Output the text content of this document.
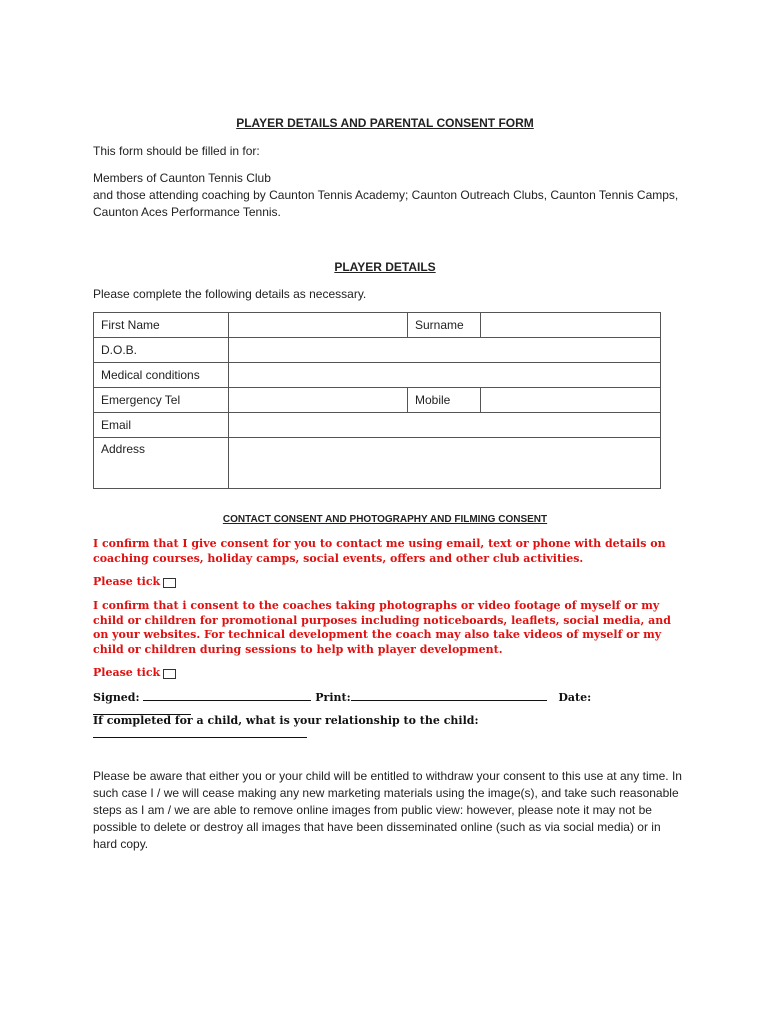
PLAYER DETAILS AND PARENTAL CONSENT FORM
This form should be filled in for:
Members of Caunton Tennis Club
and those attending coaching by Caunton Tennis Academy; Caunton Outreach Clubs, Caunton Tennis Camps, Caunton Aces Performance Tennis.
PLAYER DETAILS
Please complete the following details as necessary.
First Name		Surname	
D.O.B.			
Medical conditions			
Emergency Tel		Mobile	
Email			
Address			
CONTACT CONSENT AND PHOTOGRAPHY AND FILMING CONSENT
I confirm that I give consent for you to contact me using email, text or phone with details on coaching courses, holiday camps, social events, offers and other club activities.
Please tick
I confirm that i consent to the coaches taking photographs or video footage of myself or my child or children for promotional purposes including noticeboards, leaflets, social media, and on your websites. For technical development the coach may also take videos of myself or my child or children during sessions to help with player development.
Please tick
Signed:	Print:	Date:
If completed for a child, what is your relationship to the child:
Please be aware that either you or your child will be entitled to withdraw your consent to this use at any time. In such case I / we will cease making any new marketing materials using the image(s), and take such reasonable steps as I am / we are able to remove online images from public view: however, please note it may not be possible to delete or destroy all images that have been disseminated online (such as via social media) or in hard copy.
